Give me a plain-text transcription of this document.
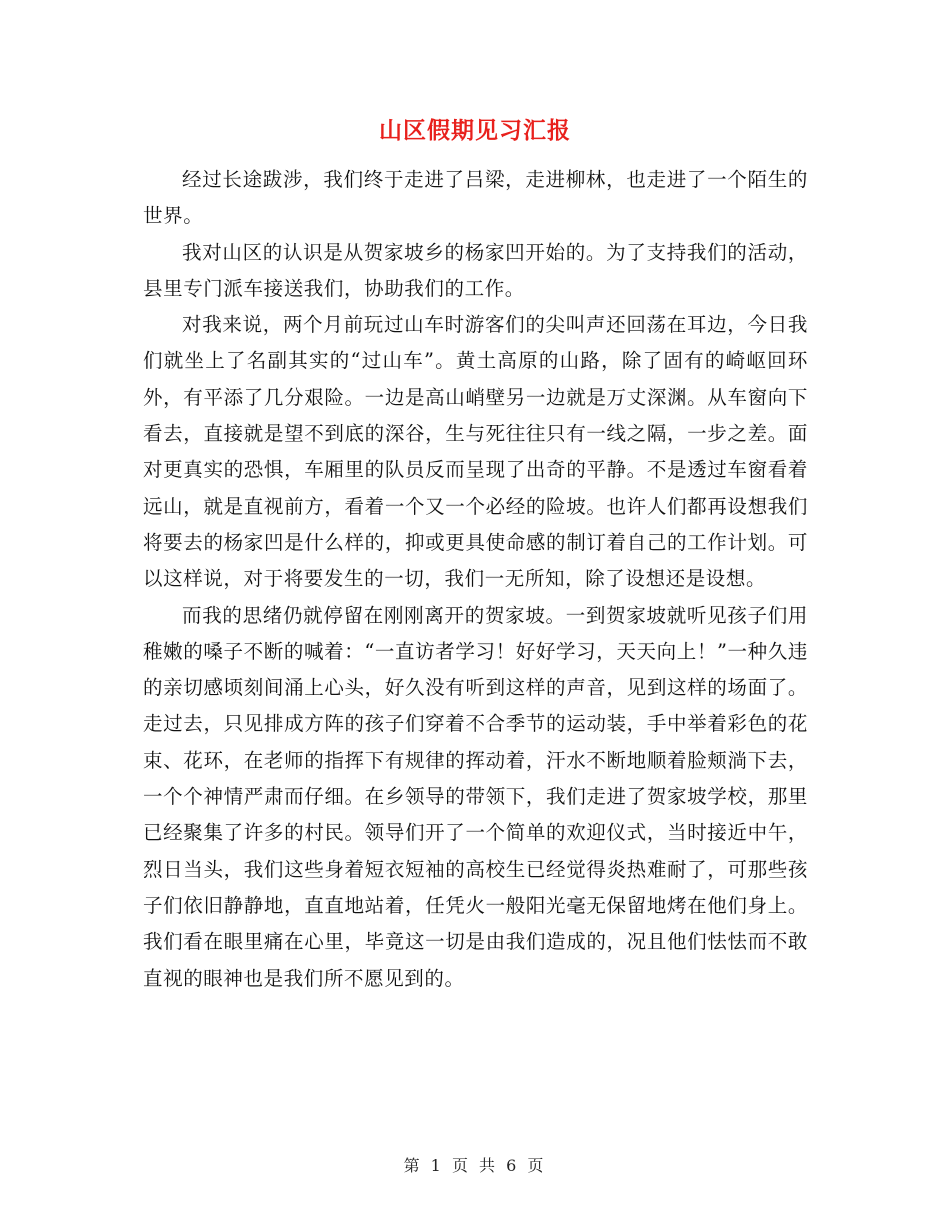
山区假期见习汇报

经过长途跋涉，我们终于走进了吕梁，走进柳林，也走进了一个陌生的世界。

我对山区的认识是从贺家坡乡的杨家凹开始的。为了支持我们的活动，县里专门派车接送我们，协助我们的工作。

对我来说，两个月前玩过山车时游客们的尖叫声还回荡在耳边，今日我们就坐上了名副其实的“过山车”。黄土高原的山路，除了固有的崎岖回环外，有平添了几分艰险。一边是高山峭壁另一边就是万丈深渊。从车窗向下看去，直接就是望不到底的深谷，生与死往往只有一线之隔，一步之差。面对更真实的恐惧，车厢里的队员反而呈现了出奇的平静。不是透过车窗看着远山，就是直视前方，看着一个又一个必经的险坡。也许人们都再设想我们将要去的杨家凹是什么样的，抑或更具使命感的制订着自己的工作计划。可以这样说，对于将要发生的一切，我们一无所知，除了设想还是设想。

而我的思绪仍就停留在刚刚离开的贺家坡。一到贺家坡就听见孩子们用稚嫩的嗓子不断的喊着：“一直访者学习！好好学习，天天向上！”一种久违的亲切感顷刻间涌上心头，好久没有听到这样的声音，见到这样的场面了。走过去，只见排成方阵的孩子们穿着不合季节的运动装，手中举着彩色的花束、花环，在老师的指挥下有规律的挥动着，汗水不断地顺着脸颊淌下去，一个个神情严肃而仔细。在乡领导的带领下，我们走进了贺家坡学校，那里已经聚集了许多的村民。领导们开了一个简单的欢迎仪式，当时接近中午，烈日当头，我们这些身着短衣短袖的高校生已经觉得炎热难耐了，可那些孩子们依旧静静地，直直地站着，任凭火一般阳光毫无保留地烤在他们身上。我们看在眼里痛在心里，毕竟这一切是由我们造成的，况且他们怯怯而不敢直视的眼神也是我们所不愿见到的。

第 1 页 共 6 页
